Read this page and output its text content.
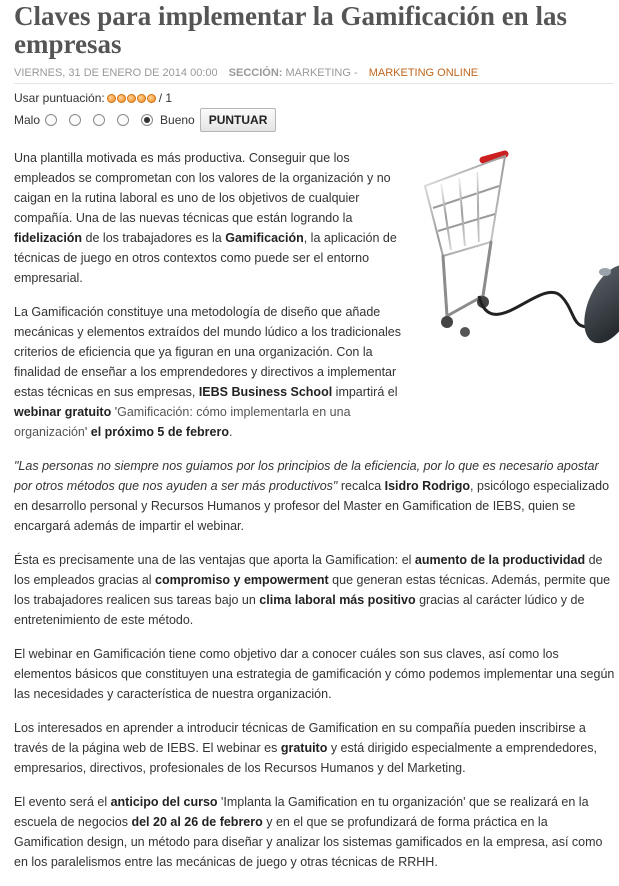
Claves para implementar la Gamificación en las empresas
VIERNES, 31 DE ENERO DE 2014 00:00 SECCIÓN: MARKETING - MARKETING ONLINE
Usar puntuación:	/ 1
Malo	Bueno	PUNTUAR

Una plantilla motivada es más productiva. Conseguir que los empleados se comprometan con los valores de la organización y no caigan en la rutina laboral es uno de los objetivos de cualquier compañía. Una de las nuevas técnicas que están logrando la fidelización de los trabajadores es la Gamificación, la aplicación de técnicas de juego en otros contextos como puede ser el entorno empresarial.

La Gamificación constituye una metodología de diseño que añade mecánicas y elementos extraídos del mundo lúdico a los tradicionales criterios de eficiencia que ya figuran en una organización. Con la finalidad de enseñar a los emprendedores y directivos a implementar estas técnicas en sus empresas, IEBS Business School impartirá el webinar gratuito 'Gamificación: cómo implementarla en una organización' el próximo 5 de febrero.

"Las personas no siempre nos guiamos por los principios de la eficiencia, por lo que es necesario apostar por otros métodos que nos ayuden a ser más productivos" recalca Isidro Rodrigo, psicólogo especializado en desarrollo personal y Recursos Humanos y profesor del Master en Gamification de IEBS, quien se encargará además de impartir el webinar.

Ésta es precisamente una de las ventajas que aporta la Gamification: el aumento de la productividad de los empleados gracias al compromiso y empowerment que generan estas técnicas. Además, permite que los trabajadores realicen sus tareas bajo un clima laboral más positivo gracias al carácter lúdico y de entretenimiento de este método.

El webinar en Gamificación tiene como objetivo dar a conocer cuáles son sus claves, así como los elementos básicos que constituyen una estrategia de gamificación y cómo podemos implementar una según las necesidades y característica de nuestra organización.

Los interesados en aprender a introducir técnicas de Gamification en su compañía pueden inscribirse a través de la página web de IEBS. El webinar es gratuito y está dirigido especialmente a emprendedores, empresarios, directivos, profesionales de los Recursos Humanos y del Marketing.

El evento será el anticipo del curso 'Implanta la Gamification en tu organización' que se realizará en la escuela de negocios del 20 al 26 de febrero y en el que se profundizará de forma práctica en la Gamification design, un método para diseñar y analizar los sistemas gamificados en la empresa, así como en los paralelismos entre las mecánicas de juego y otras técnicas de RRHH.
